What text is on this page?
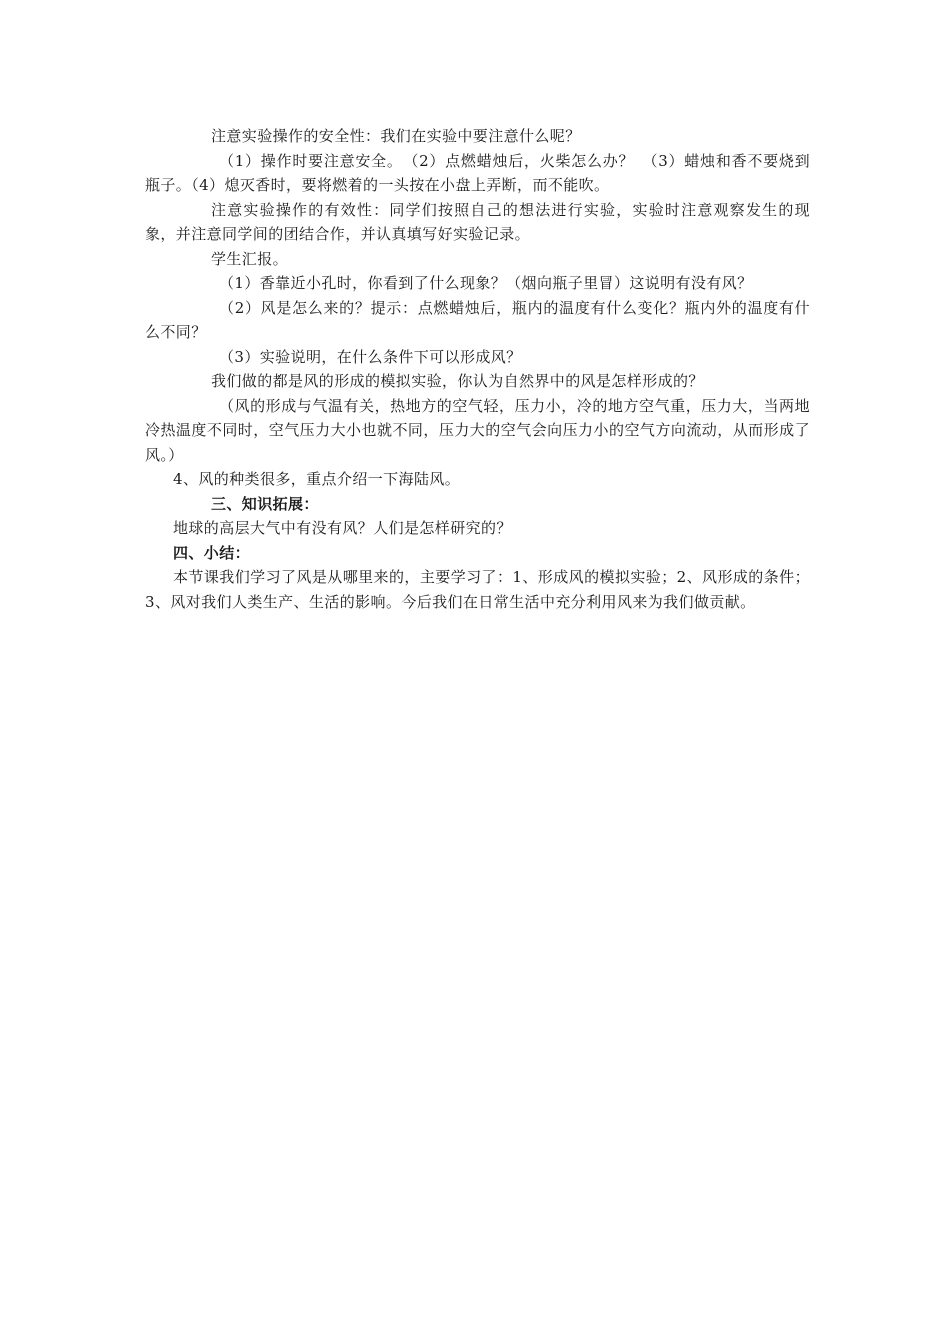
注意实验操作的安全性：我们在实验中要注意什么呢？

（1）操作时要注意安全。　（2）点燃蜡烛后，火柴怎么办？　（3）蜡烛和香不要烧到瓶子。（4）熄灭香时，要将燃着的一头按在小盘上弄断，而不能吹。

注意实验操作的有效性：同学们按照自己的想法进行实验，实验时注意观察发生的现象，并注意同学间的团结合作，并认真填写好实验记录。

学生汇报。

（1）香靠近小孔时，你看到了什么现象？（烟向瓶子里冒）这说明有没有风？

（2）风是怎么来的？提示：点燃蜡烛后，瓶内的温度有什么变化？瓶内外的温度有什么不同？

（3）实验说明，在什么条件下可以形成风？

我们做的都是风的形成的模拟实验，你认为自然界中的风是怎样形成的？

（风的形成与气温有关，热地方的空气轻，压力小，冷的地方空气重，压力大，当两地冷热温度不同时，空气压力大小也就不同，压力大的空气会向压力小的空气方向流动，从而形成了风。）

4、风的种类很多，重点介绍一下海陆风。

三、知识拓展：

地球的高层大气中有没有风？人们是怎样研究的？

四、小结：

本节课我们学习了风是从哪里来的，主要学习了：1、形成风的模拟实验；2、风形成的条件；3、风对我们人类生产、生活的影响。今后我们在日常生活中充分利用风来为我们做贡献。
